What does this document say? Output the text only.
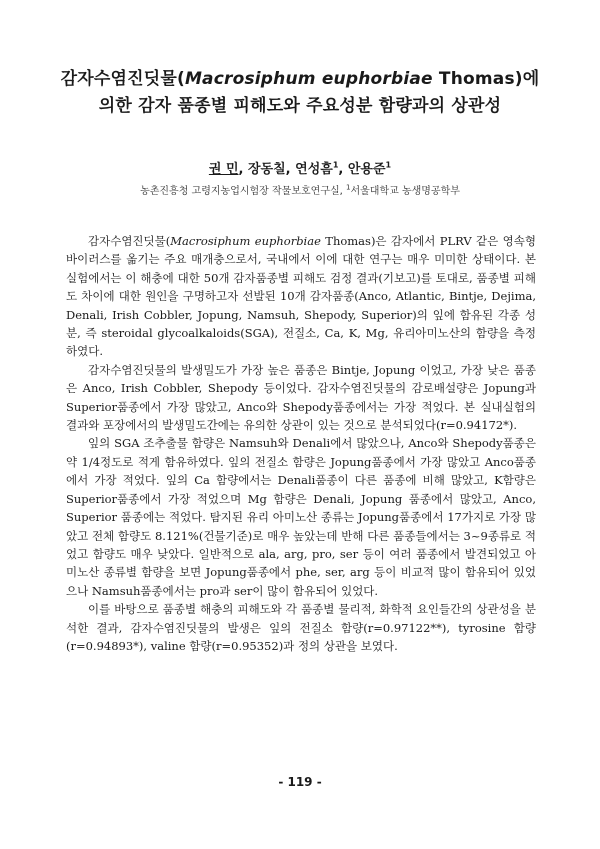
감자수염진딧물(Macrosiphum euphorbiae Thomas)에
의한 감자 품종별 피해도와 주요성분 함량과의 상관성
권 민, 장동칠, 연성흠$^1$, 안용준$^1$
농촌진흥청 고령지농업시험장 작물보호연구실, $^1$서울대학교 농생명공학부

감자수염진딧물(Macrosiphum euphorbiae Thomas)은 감자에서 PLRV 같은 영속형 바이러스를 옮기는 주요 매개충으로서, 국내에서 이에 대한 연구는 매우 미미한 상태이다. 본 실험에서는 이 해충에 대한 50개 감자품종별 피해도 검정 결과(기보고)를 토대로, 품종별 피해도 차이에 대한 원인을 구명하고자 선발된 10개 감자품종(Anco, Atlantic, Bintje, Dejima, Denali, Irish Cobbler, Jopung, Namsuh, Shepody, Superior)의 잎에 함유된 각종 성분, 즉 steroidal glycoalkaloids(SGA), 전질소, Ca, K, Mg, 유리아미노산의 함량을 측정하였다.

감자수염진딧물의 발생밀도가 가장 높은 품종은 Bintje, Jopung 이었고, 가장 낮은 품종은 Anco, Irish Cobbler, Shepody 등이었다. 감자수염진딧물의 감로배설량은 Jopung과 Superior품종에서 가장 많았고, Anco와 Shepody품종에서는 가장 적었다. 본 실내실험의 결과와 포장에서의 발생밀도간에는 유의한 상관이 있는 것으로 분석되었다(r=0.94172*).

잎의 SGA 조추출물 함량은 Namsuh와 Denali에서 많았으나, Anco와 Shepody품종은 약 1/4정도로 적게 함유하였다. 잎의 전질소 함량은 Jopung품종에서 가장 많았고 Anco품종에서 가장 적었다. 잎의 Ca 함량에서는 Denali품종이 다른 품종에 비해 많았고, K함량은 Superior품종에서 가장 적었으며 Mg 함량은 Denali, Jopung 품종에서 많았고, Anco, Superior 품종에는 적었다. 탐지된 유리 아미노산 종류는 Jopung품종에서 17가지로 가장 많았고 전체 함량도 8.121%(건물기준)로 매우 높았는데 반해 다른 품종들에서는 3~9종류로 적었고 함량도 매우 낮았다. 일반적으로 ala, arg, pro, ser 등이 여러 품종에서 발견되었고 아미노산 종류별 함량을 보면 Jopung품종에서 phe, ser, arg 등이 비교적 많이 함유되어 있었으나 Namsuh품종에서는 pro과 ser이 많이 함유되어 있었다.

이를 바탕으로 품종별 해충의 피해도와 각 품종별 물리적, 화학적 요인들간의 상관성을 분석한 결과, 감자수염진딧물의 발생은 잎의 전질소 함량(r=0.97122**), tyrosine 함량(r=0.94893*), valine 함량(r=0.95352)과 정의 상관을 보였다.

- 119 -
